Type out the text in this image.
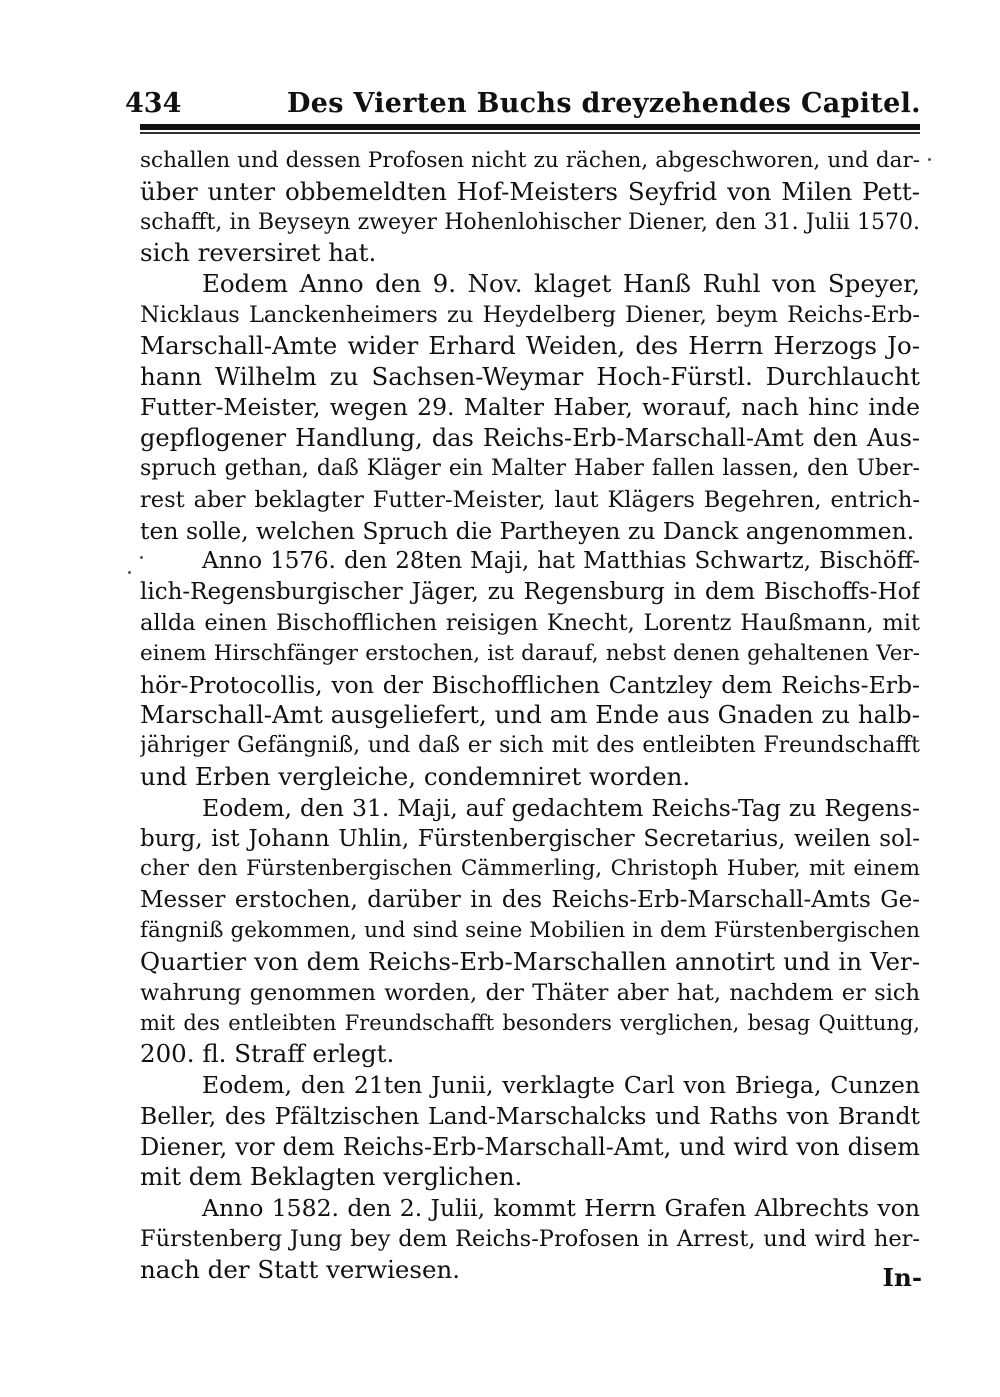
434	Des Vierten Buchs dreyzehendes Capitel.
schallen und dessen Profosen nicht zu rächen, abgeschworen, und dar-
über unter obbemeldten Hof-Meisters Seyfrid von Milen Pett-
schafft, in Beyseyn zweyer Hohenlohischer Diener, den 31. Julii 1570.
sich reversiret hat.
Eodem Anno den 9. Nov. klaget Hanß Ruhl von Speyer,
Nicklaus Lanckenheimers zu Heydelberg Diener, beym Reichs-Erb-
Marschall-Amte wider Erhard Weiden, des Herrn Herzogs Jo-
hann Wilhelm zu Sachsen-Weymar Hoch-Fürstl. Durchlaucht
Futter-Meister, wegen 29. Malter Haber, worauf, nach hinc inde
gepflogener Handlung, das Reichs-Erb-Marschall-Amt den Aus-
spruch gethan, daß Kläger ein Malter Haber fallen lassen, den Uber-
rest aber beklagter Futter-Meister, laut Klägers Begehren, entrich-
ten solle, welchen Spruch die Partheyen zu Danck angenommen.
Anno 1576. den 28ten Maji, hat Matthias Schwartz, Bischöff-
lich-Regensburgischer Jäger, zu Regensburg in dem Bischoffs-Hof
allda einen Bischofflichen reisigen Knecht, Lorentz Haußmann, mit
einem Hirschfänger erstochen, ist darauf, nebst denen gehaltenen Ver-
hör-Protocollis, von der Bischofflichen Cantzley dem Reichs-Erb-
Marschall-Amt ausgeliefert, und am Ende aus Gnaden zu halb-
jähriger Gefängniß, und daß er sich mit des entleibten Freundschafft
und Erben vergleiche, condemniret worden.
Eodem, den 31. Maji, auf gedachtem Reichs-Tag zu Regens-
burg, ist Johann Uhlin, Fürstenbergischer Secretarius, weilen sol-
cher den Fürstenbergischen Cämmerling, Christoph Huber, mit einem
Messer erstochen, darüber in des Reichs-Erb-Marschall-Amts Ge-
fängniß gekommen, und sind seine Mobilien in dem Fürstenbergischen
Quartier von dem Reichs-Erb-Marschallen annotirt und in Ver-
wahrung genommen worden, der Thäter aber hat, nachdem er sich
mit des entleibten Freundschafft besonders verglichen, besag Quittung,
200. fl. Straff erlegt.
Eodem, den 21ten Junii, verklagte Carl von Briega, Cunzen
Beller, des Pfältzischen Land-Marschalcks und Raths von Brandt
Diener, vor dem Reichs-Erb-Marschall-Amt, und wird von disem
mit dem Beklagten verglichen.
Anno 1582. den 2. Julii, kommt Herrn Grafen Albrechts von
Fürstenberg Jung bey dem Reichs-Profosen in Arrest, und wird her-
nach der Statt verwiesen.	In-
